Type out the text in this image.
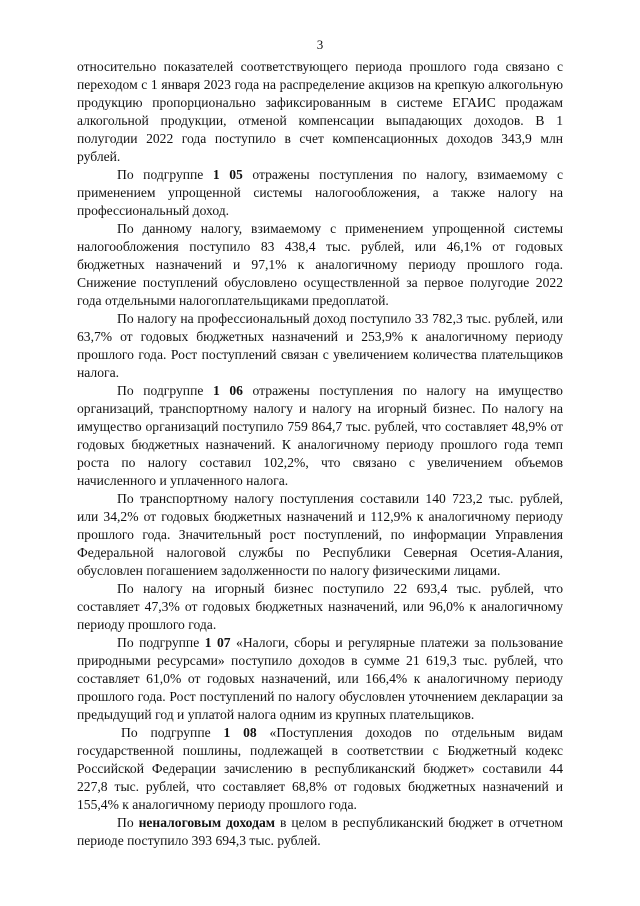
3

относительно показателей соответствующего периода прошлого года связано с переходом с 1 января 2023 года на распределение акцизов на крепкую алкогольную продукцию пропорционально зафиксированным в системе ЕГАИС продажам алкогольной продукции, отменой компенсации выпадающих доходов. В 1 полугодии 2022 года поступило в счет компенсационных доходов 343,9 млн рублей.

По подгруппе 1 05 отражены поступления по налогу, взимаемому с применением упрощенной системы налогообложения, а также налогу на профессиональный доход.

По данному налогу, взимаемому с применением упрощенной системы налогообложения поступило 83 438,4 тыс. рублей, или 46,1% от годовых бюджетных назначений и 97,1% к аналогичному периоду прошлого года. Снижение поступлений обусловлено осуществленной за первое полугодие 2022 года отдельными налогоплательщиками предоплатой.

По налогу на профессиональный доход поступило 33 782,3 тыс. рублей, или 63,7% от годовых бюджетных назначений и 253,9% к аналогичному периоду прошлого года. Рост поступлений связан с увеличением количества плательщиков налога.

По подгруппе 1 06 отражены поступления по налогу на имущество организаций, транспортному налогу и налогу на игорный бизнес. По налогу на имущество организаций поступило 759 864,7 тыс. рублей, что составляет 48,9% от годовых бюджетных назначений. К аналогичному периоду прошлого года темп роста по налогу составил 102,2%, что связано с увеличением объемов начисленного и уплаченного налога.

По транспортному налогу поступления составили 140 723,2 тыс. рублей, или 34,2% от годовых бюджетных назначений и 112,9% к аналогичному периоду прошлого года. Значительный рост поступлений, по информации Управления Федеральной налоговой службы по Республики Северная Осетия-Алания, обусловлен погашением задолженности по налогу физическими лицами.

По налогу на игорный бизнес поступило 22 693,4 тыс. рублей, что составляет 47,3% от годовых бюджетных назначений, или 96,0% к аналогичному периоду прошлого года.

По подгруппе 1 07 «Налоги, сборы и регулярные платежи за пользование природными ресурсами» поступило доходов в сумме 21 619,3 тыс. рублей, что составляет 61,0% от годовых назначений, или 166,4% к аналогичному периоду прошлого года. Рост поступлений по налогу обусловлен уточнением декларации за предыдущий год и уплатой налога одним из крупных плательщиков.

По подгруппе 1 08 «Поступления доходов по отдельным видам государственной пошлины, подлежащей в соответствии с Бюджетный кодекс Российской Федерации зачислению в республиканский бюджет» составили 44 227,8 тыс. рублей, что составляет 68,8% от годовых бюджетных назначений и 155,4% к аналогичному периоду прошлого года.

По неналоговым доходам в целом в республиканский бюджет в отчетном периоде поступило 393 694,3 тыс. рублей.
